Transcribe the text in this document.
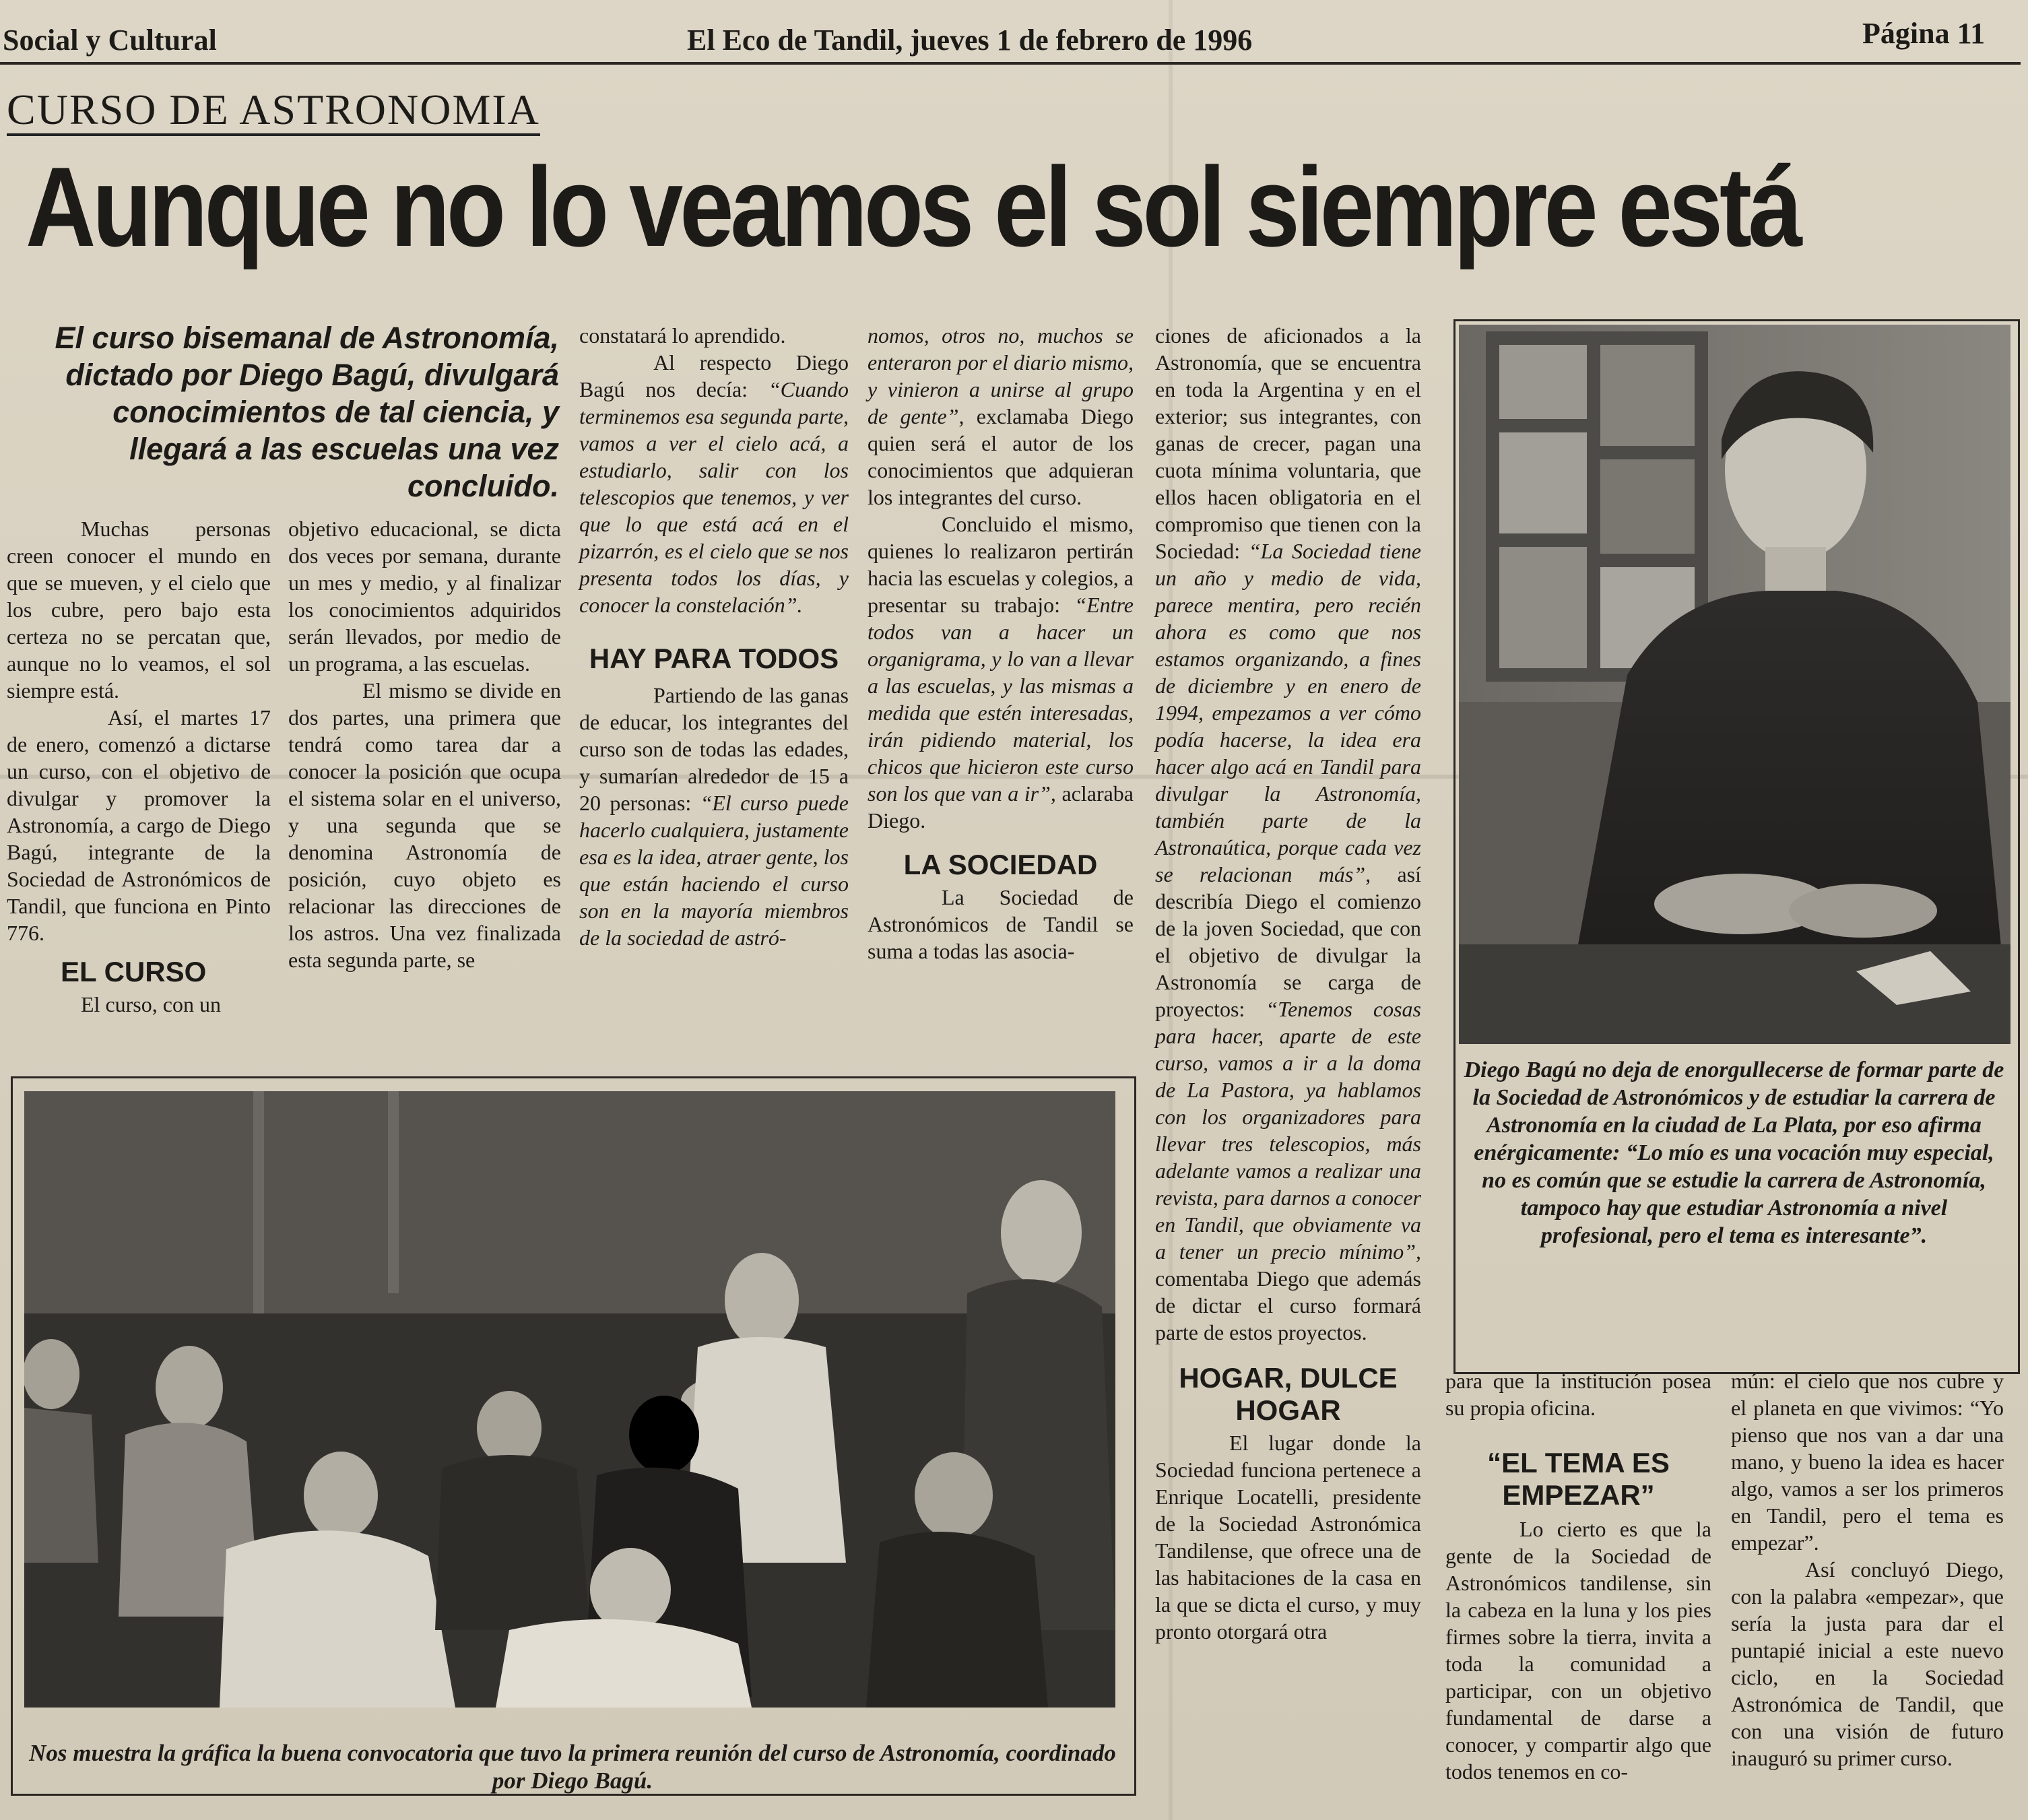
Social y Cultural	El Eco de Tandil, jueves 1 de febrero de 1996	Página 11
CURSO DE ASTRONOMIA
Aunque no lo veamos el sol siempre está
El curso bisemanal de Astronomía, dictado por Diego Bagú, divulgará conocimientos de tal ciencia, y llegará a las escuelas una vez concluido.

Muchas personas creen conocer el mundo en que se mueven, y el cielo que los cubre, pero bajo esta certeza no se percatan que, aunque no lo veamos, el sol siempre está.

Así, el martes 17 de enero, comenzó a dictarse un curso, con el objetivo de divulgar y promover la Astronomía, a cargo de Diego Bagú, integrante de la Sociedad de Astronómicos de Tandil, que funciona en Pinto 776.

EL CURSO

El curso, con un

objetivo educacional, se dicta dos veces por semana, durante un mes y medio, y al finalizar los conocimientos adquiridos serán llevados, por medio de un programa, a las escuelas.

El mismo se divide en dos partes, una primera que tendrá como tarea dar a conocer la posición que ocupa el sistema solar en el universo, y una segunda que se denomina Astronomía de posición, cuyo objeto es relacionar las direcciones de los astros. Una vez finalizada esta segunda parte, se

constatará lo aprendido.

Al respecto Diego Bagú nos decía: “Cuando terminemos esa segunda parte, vamos a ver el cielo acá, a estudiarlo, salir con los telescopios que tenemos, y ver que lo que está acá en el pizarrón, es el cielo que se nos presenta todos los días, y conocer la constelación”.

HAY PARA TODOS

Partiendo de las ganas de educar, los integrantes del curso son de todas las edades, y sumarían alrededor de 15 a 20 personas: “El curso puede hacerlo cualquiera, justamente esa es la idea, atraer gente, los que están haciendo el curso son en la mayoría miembros de la sociedad de astró-

nomos, otros no, muchos se enteraron por el diario mismo, y vinieron a unirse al grupo de gente”, exclamaba Diego quien será el autor de los conocimientos que adquieran los integrantes del curso.

Concluido el mismo, quienes lo realizaron pertirán hacia las escuelas y colegios, a presentar su trabajo: “Entre todos van a hacer un organigrama, y lo van a llevar a las escuelas, y las mismas a medida que estén interesadas, irán pidiendo material, los chicos que hicieron este curso son los que van a ir”, aclaraba Diego.

LA SOCIEDAD

La Sociedad de Astronómicos de Tandil se suma a todas las asocia-

ciones de aficionados a la Astronomía, que se encuentra en toda la Argentina y en el exterior; sus integrantes, con ganas de crecer, pagan una cuota mínima voluntaria, que ellos hacen obligatoria en el compromiso que tienen con la Sociedad: “La Sociedad tiene un año y medio de vida, parece mentira, pero recién ahora es como que nos estamos organizando, a fines de diciembre y en enero de 1994, empezamos a ver cómo podía hacerse, la idea era hacer algo acá en Tandil para divulgar la Astronomía, también parte de la Astronaútica, porque cada vez se relacionan más”, así describía Diego el comienzo de la joven Sociedad, que con el objetivo de divulgar la Astronomía se carga de proyectos: “Tenemos cosas para hacer, aparte de este curso, vamos a ir a la doma de La Pastora, ya hablamos con los organizadores para llevar tres telescopios, más adelante vamos a realizar una revista, para darnos a conocer en Tandil, que obviamente va a tener un precio mínimo”, comentaba Diego que además de dictar el curso formará parte de estos proyectos.

HOGAR, DULCE HOGAR

El lugar donde la Sociedad funciona pertenece a Enrique Locatelli, presidente de la Sociedad Astronómica Tandilense, que ofrece una de las habitaciones de la casa en la que se dicta el curso, y muy pronto otorgará otra

para que la institución posea su propia oficina.

“EL TEMA ES EMPEZAR”

Lo cierto es que la gente de la Sociedad de Astronómicos tandilense, sin la cabeza en la luna y los pies firmes sobre la tierra, invita a toda la comunidad a participar, con un objetivo fundamental de darse a conocer, y compartir algo que todos tenemos en co-

mún: el cielo que nos cubre y el planeta en que vivimos: “Yo pienso que nos van a dar una mano, y bueno la idea es hacer algo, vamos a ser los primeros en Tandil, pero el tema es empezar”.

Así concluyó Diego, con la palabra «empezar», que sería la justa para dar el puntapié inicial a este nuevo ciclo, en la Sociedad Astronómica de Tandil, que con una visión de futuro inauguró su primer curso.

Diego Bagú no deja de enorgullecerse de formar parte de la Sociedad de Astronómicos y de estudiar la carrera de Astronomía en la ciudad de La Plata, por eso afirma enérgicamente: “Lo mío es una vocación muy especial, no es común que se estudie la carrera de Astronomía, tampoco hay que estudiar Astronomía a nivel profesional, pero el tema es interesante”.
Nos muestra la gráfica la buena convocatoria que tuvo la primera reunión del curso de Astronomía, coordinado por Diego Bagú.
